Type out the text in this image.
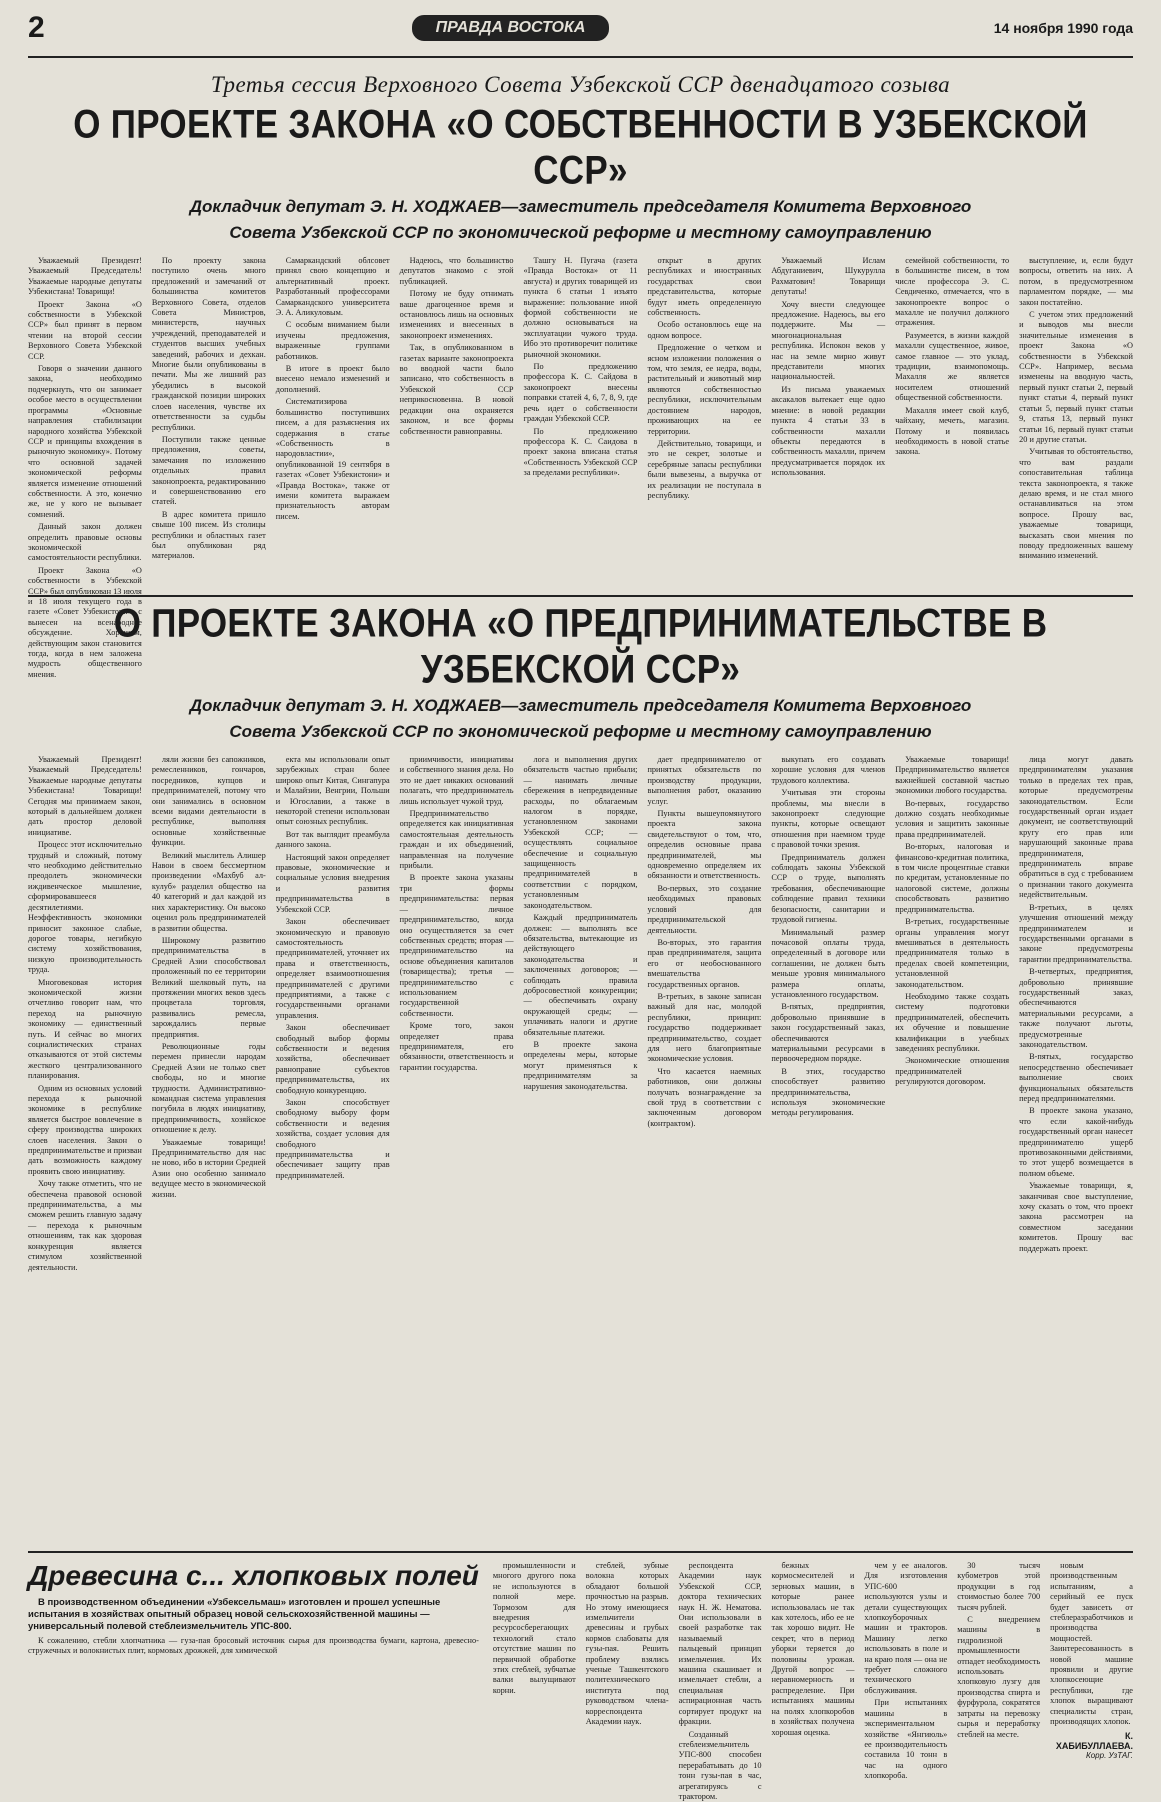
2	ПРАВДА ВОСТОКА	14 ноября 1990 года
Третья сессия Верховного Совета Узбекской ССР двенадцатого созыва
О ПРОЕКТЕ ЗАКОНА «О СОБСТВЕННОСТИ В УЗБЕКСКОЙ ССР»
Докладчик депутат Э. Н. ХОДЖАЕВ—заместитель председателя Комитета Верховного Совета Узбекской ССР по экономической реформе и местному самоуправлению

Уважаемый Президент! Уважаемый Председатель! Уважаемые народные депутаты Узбекистана! Товарищи!

Проект Закона «О собственности в Узбекской ССР» был принят в первом чтении на второй сессии Верховного Совета Узбекской ССР.

Говоря о значении данного закона, необходимо подчеркнуть, что он занимает особое место в осуществлении программы «Основные направления стабилизации народного хозяйства Узбекской ССР и принципы вхождения в рыночную экономику». Потому что основной задачей экономической реформы является изменение отношений собственности. А это, конечно же, не у кого не вызывает сомнений.

Данный закон должен определить правовые основы экономической самостоятельности республики.

Проект Закона «О собственности в Узбекской ССР» был опубликован 13 июля и 18 июля текущего года в газете «Совет Узбекистони», с вынесен на всенародное обсуждение. Хорошим, действующим закон становится тогда, когда в нем заложена мудрость общественного мнения.

По проекту закона поступило очень много предложений и замечаний от большинства комитетов Верховного Совета, отделов Совета Министров, министерств, научных учреждений, преподавателей и студентов высших учебных заведений, рабочих и дехкан. Многие были опубликованы в печати. Мы же лишний раз убедились в высокой гражданской позиции широких слоев населения, чувстве их ответственности за судьбы республики.

Поступили также ценные предложения, советы, замечания по изложению отдельных правил законопроекта, редактированию и совершенствованию его статей.

В адрес комитета пришло свыше 100 писем. Из столицы республики и областных газет был опубликован ряд материалов.

Самаркандский облсовет принял свою концепцию и альтернативный проект. Разработанный профессорами Самаркандского университета Э. А. Аликуловым.

С особым вниманием были изучены предложения, выраженные группами работников.

В итоге в проект было внесено немало изменений и дополнений.

Систематизирова большинство поступивших писем, а для разъяснения их содержания в статье «Собственность в народовластии», опубликованной 19 сентября в газетах «Совет Узбекистони» и «Правда Востока», также от имени комитета выражаем признательность авторам писем.

Надеюсь, что большинство депутатов знакомо с этой публикацией.

Потому не буду отнимать ваше драгоценное время и остановлюсь лишь на основных изменениях и внесенных в законопроект изменениях.

Так, в опубликованном в газетах варианте законопроекта во вводной части было записано, что собственность в Узбекской ССР неприкосновенна. В новой редакции она охраняется законом, и все формы собственности равноправны.

Ташгу Н. Пугача (газета «Правда Востока» от 11 августа) и других товарищей из пункта 6 статьи 1 изъято выражение: пользование иной формой собственности не должно основываться на эксплуатации чужого труда. Ибо это противоречит политике рыночной экономики.

По предложению профессора К. С. Сайдова в законопроект внесены поправки статей 4, 6, 7, 8, 9, где речь идет о собственности граждан Узбекской ССР.

По предложению профессора К. С. Саидова в проект закона вписана статья «Собственность Узбекской ССР за пределами республики».

открыт в других республиках и иностранных государствах свои представительства, которые будут иметь определенную собственность.

Особо остановлюсь еще на одном вопросе.

Предложение о четком и ясном изложении положения о том, что земля, ее недра, воды, растительный и животный мир являются собственностью республики, исключительным достоянием народов, проживающих на ее территории.

Действительно, товарищи, и это не секрет, золотые и серебряные запасы республики были вывезены, а выручка от их реализации не поступала в республику.

Уважаемый Ислам Абдуганиевич, Шукурулла Рахматович! Товарищи депутаты!

Хочу внести следующее предложение. Надеюсь, вы его поддержите. Мы — многонациональная республика. Испокон веков у нас на земле мирно живут представители многих национальностей.

Из письма уважаемых аксакалов вытекает еще одно мнение: в новой редакции пункта 4 статьи 33 в собственности махалли объекты передаются в собственность махалли, причем предусматривается порядок их использования.

семейной собственности, то в большинстве писем, в том числе профессора Э. С. Севдиченко, отмечается, что в законопроекте вопрос о махалле не получил должного отражения.

Разумеется, в жизни каждой махалли существенное, живое, самое главное — это уклад, традиции, взаимопомощь. Махалля же является носителем отношений общественной собственности.

Махалля имеет свой клуб, чайхану, мечеть, магазин. Потому и появилась необходимость в новой статье закона.

выступление, и, если будут вопросы, ответить на них. А потом, в предусмотренном парламентом порядке, — мы закон постатейно.

С учетом этих предложений и выводов мы внесли значительные изменения в проект Закона «О собственности в Узбекской ССР». Например, весьма изменены на вводную часть, первый пункт статьи 2, первый пункт статьи 4, первый пункт статьи 5, первый пункт статьи 9, статья 13, первый пункт статьи 16, первый пункт статьи 20 и другие статьи.

Учитывая то обстоятельство, что вам раздали сопоставительная таблица текста законопроекта, я также делаю время, и не стал много останавливаться на этом вопросе. Прошу вас, уважаемые товарищи, высказать свои мнения по поводу предложенных вашему вниманию изменений.

О ПРОЕКТЕ ЗАКОНА «О ПРЕДПРИНИМАТЕЛЬСТВЕ В УЗБЕКСКОЙ ССР»
Докладчик депутат Э. Н. ХОДЖАЕВ—заместитель председателя Комитета Верховного Совета Узбекской ССР по экономической реформе и местному самоуправлению

Уважаемый Президент! Уважаемый Председатель! Уважаемые народные депутаты Узбекистана! Товарищи! Сегодня мы принимаем закон, который в дальнейшем должен дать простор деловой инициативе.

Процесс этот исключительно трудный и сложный, потому что необходимо действительно преодолеть экономически иждивенческое мышление, сформировавшееся десятилетиями. Неэффективность экономики приносит законное слабые, дорогое товары, негибкую систему хозяйствования, низкую производительность труда.

Многовековая история экономической жизни отчетливо говорит нам, что переход на рыночную экономику — единственный путь. И сейчас во многих социалистических странах отказываются от этой системы жесткого централизованного планирования.

Одним из основных условий перехода к рыночной экономике в республике является быстрое вовлечение в сферу производства широких слоев населения. Закон о предпринимательстве и призван дать возможность каждому проявить свою инициативу.

Хочу также отметить, что не обеспечена правовой основой предпринимательства, а мы сможем решить главную задачу — перехода к рыночным отношениям, так как здоровая конкуренция является стимулом хозяйственной деятельности.

ляли жизни без сапожников, ремесленников, гончаров, посредников, купцов и предпринимателей, потому что они занимались в основном всеми видами деятельности в республике, выполняя основные хозяйственные функции.

Великий мыслитель Алишер Навои в своем бессмертном произведении «Махбуб ал-кулуб» разделил общество на 40 категорий и дал каждой из них характеристику. Он высоко оценил роль предпринимателей в развитии общества.

Широкому развитию предпринимательства в Средней Азии способствовал проложенный по ее территории Великий шелковый путь, на протяжении многих веков здесь процветала торговля, развивались ремесла, зарождались первые предприятия.

Революционные годы перемен принесли народам Средней Азии не только свет свободы, но и многие трудности. Административно-командная система управления погубила в людях инициативу, предприимчивость, хозяйское отношение к делу.

Уважаемые товарищи! Предпринимательство для нас не ново, ибо в истории Средней Азии оно особенно занимало ведущее место в экономической жизни.

екта мы использовали опыт зарубежных стран более широко опыт Китая, Сингапура и Малайзии, Венгрии, Польши и Югославии, а также в некоторой степени использован опыт союзных республик.

Вот так выглядит преамбула данного закона.

Настоящий закон определяет правовые, экономические и социальные условия внедрения и развития предпринимательства в Узбекской ССР.

Закон обеспечивает экономическую и правовую самостоятельность предпринимателей, уточняет их права и ответственность, определяет взаимоотношения предпринимателей с другими предприятиями, а также с государственными органами управления.

Закон обеспечивает свободный выбор формы собственности и ведения хозяйства, обеспечивает равноправие субъектов предпринимательства, их свободную конкуренцию.

Закон способствует свободному выбору форм собственности и ведения хозяйства, создает условия для свободного предпринимательства и обеспечивает защиту прав предпринимателей.

приимчивости, инициативы и собственного знания дела. Но это не дает никаких оснований полагать, что предприниматель лишь использует чужой труд.

Предпринимательство определяется как инициативная самостоятельная деятельность граждан и их объединений, направленная на получение прибыли.

В проекте закона указаны три формы предпринимательства: первая — личное предпринимательство, когда оно осуществляется за счет собственных средств; вторая — предпринимательство на основе объединения капиталов (товарищества); третья — предпринимательство с использованием государственной собственности.

Кроме того, закон определяет права предпринимателя, его обязанности, ответственность и гарантии государства.

лога и выполнения других обязательств частью прибыли; — нанимать личные сбережения в непредвиденные расходы, по облагаемым налогом в порядке, установленном законами Узбекской ССР; — осуществлять социальное обеспечение и социальную защищенность предпринимателей в соответствии с порядком, установленным законодательством.

Каждый предприниматель должен: — выполнять все обязательства, вытекающие из действующего законодательства и заключенных договоров; — соблюдать правила добросовестной конкуренции; — обеспечивать охрану окружающей среды; — уплачивать налоги и другие обязательные платежи.

В проекте закона определены меры, которые могут применяться к предпринимателям за нарушения законодательства.

дает предпринимателю от принятых обязательств по производству продукции, выполнения работ, оказанию услуг.

Пункты вышеупомянутого проекта закона свидетельствуют о том, что, определив основные права предпринимателей, мы одновременно определяем их обязанности и ответственность.

Во-первых, это создание необходимых правовых условий для предпринимательской деятельности.

Во-вторых, это гарантия прав предпринимателя, защита его от необоснованного вмешательства государственных органов.

В-третьих, в законе записан важный для нас, молодой республики, принцип: государство поддерживает предпринимательство, создает для него благоприятные экономические условия.

Что касается наемных работников, они должны получать вознаграждение за свой труд в соответствии с заключенным договором (контрактом).

выкупать его создавать хорошие условия для членов трудового коллектива.

Учитывая эти стороны проблемы, мы внесли в законопроект следующие пункты, которые освещают отношения при наемном труде с правовой точки зрения.

Предприниматель должен соблюдать законы Узбекской ССР о труде, выполнять требования, обеспечивающие соблюдение правил техники безопасности, санитарии и трудовой гигиены.

Минимальный размер почасовой оплаты труда, определенный в договоре или соглашении, не должен быть меньше уровня минимального размера оплаты, установленного государством.

В-пятых, предприятия, добровольно принявшие в закон государственный заказ, обеспечиваются материальными ресурсами в первоочередном порядке.

В этих, государство способствует развитию предпринимательства, используя экономические методы регулирования.

Уважаемые товарищи! Предпринимательство является важнейшей составной частью экономики любого государства.

Во-первых, государство должно создать необходимые условия и защитить законные права предпринимателей.

Во-вторых, налоговая и финансово-кредитная политика, в том числе процентные ставки по кредитам, установленные по налоговой системе, должны способствовать развитию предпринимательства.

В-третьих, государственные органы управления могут вмешиваться в деятельность предпринимателя только в пределах своей компетенции, установленной законодательством.

Необходимо также создать систему подготовки предпринимателей, обеспечить их обучение и повышение квалификации в учебных заведениях республики.

Экономические отношения предпринимателей регулируются договором.

лица могут давать предпринимателям указания только в пределах тех прав, которые предусмотрены законодательством. Если государственный орган издает документ, не соответствующий кругу его прав или нарушающий законные права предпринимателя, предприниматель вправе обратиться в суд с требованием о признании такого документа недействительным.

В-третьих, в целях улучшения отношений между предпринимателем и государственными органами в законе предусмотрены гарантии предпринимательства.

В-четвертых, предприятия, добровольно принявшие государственный заказ, обеспечиваются материальными ресурсами, а также получают льготы, предусмотренные законодательством.

В-пятых, государство непосредственно обеспечивает выполнение своих функциональных обязательств перед предпринимателями.

В проекте закона указано, что если какой-нибудь государственный орган нанесет предпринимателю ущерб противозаконными действиями, то этот ущерб возмещается в полном объеме.

Уважаемые товарищи, я, заканчивая свое выступление, хочу сказать о том, что проект закона рассмотрен на совместном заседании комитетов. Прошу вас поддержать проект.

Древесина с... хлопковых полей

В производственном объединении «Узбексельмаш» изготовлен и прошел успешные испытания в хозяйствах опытный образец новой сельскохозяйственной машины — универсальный полевой стеблеизмельчитель УПС-800.

К сожалению, стебли хлопчатника — гуза-пая бросовый источник сырья для производства бумаги, картона, древесно-стружечных и волокнистых плит, кормовых дрожжей, для химической

промышленности и многого другого пока не используются в полной мере. Тормозом для внедрения ресурсосберегающих технологий стало отсутствие машин по первичной обработке этих стеблей, зубчатые валки вылущивают корни.

стеблей, зубные волокна которых обладают большой прочностью на разрыв. Но этому имеющиеся измельчители древесины и грубых кормов слабоваты для гузы-пая. Решить проблему взялись ученые Ташкентского политехнического института под руководством члена-корреспондента Академии наук.

респондента Академии наук Узбекской ССР, доктора технических наук Н. Ж. Нематова. Они использовали в своей разработке так называемый пальцевый принцип измельчения. Их машина скашивает и измельчает стебли, а специальная аспирационная часть сортирует продукт на фракции.

Созданный стеблеизмельчитель УПС-800 способен перерабатывать до 10 тонн гузы-пая в час, агрегатируясь с трактором.

бежных кормосмесителей и зерновых машин, в которые ранее использовалась не так как хотелось, ибо ее не так хорошо видит. Не секрет, что в период уборки теряется до половины урожая. Другой вопрос — неравномерность и распределение. При испытаниях машины на полях хлопкоробов в хозяйствах получена хорошая оценка.

чем у ее аналогов. Для изготовления УПС-600 используются узлы и детали существующих хлопкоуборочных машин и тракторов. Машину легко использовать в поле и на краю поля — она не требует сложного технического обслуживания.

При испытаниях машины в экспериментальном хозяйстве «Янгиюль» ее производительность составила 10 тонн в час на одного хлопкороба.

30 тысяч кубометров этой продукции в год стоимостью более 700 тысяч рублей.

С внедрением машины в гидролизной промышленности отпадет необходимость использовать хлопковую лузгу для производства спирта и фурфурола, сократятся затраты на перевозку сырья и переработку стеблей на месте.

новым производственным испытаниям, а серийный ее пуск будет зависеть от стеблеразработчиков и производства мощностей. Заинтересованность в новой машине проявили и другие хлопкосеющие республики, где хлопок выращивают специалисты стран, производящих хлопок.

К. ХАБИБУЛЛАЕВА.
Корр. УзТАГ.
